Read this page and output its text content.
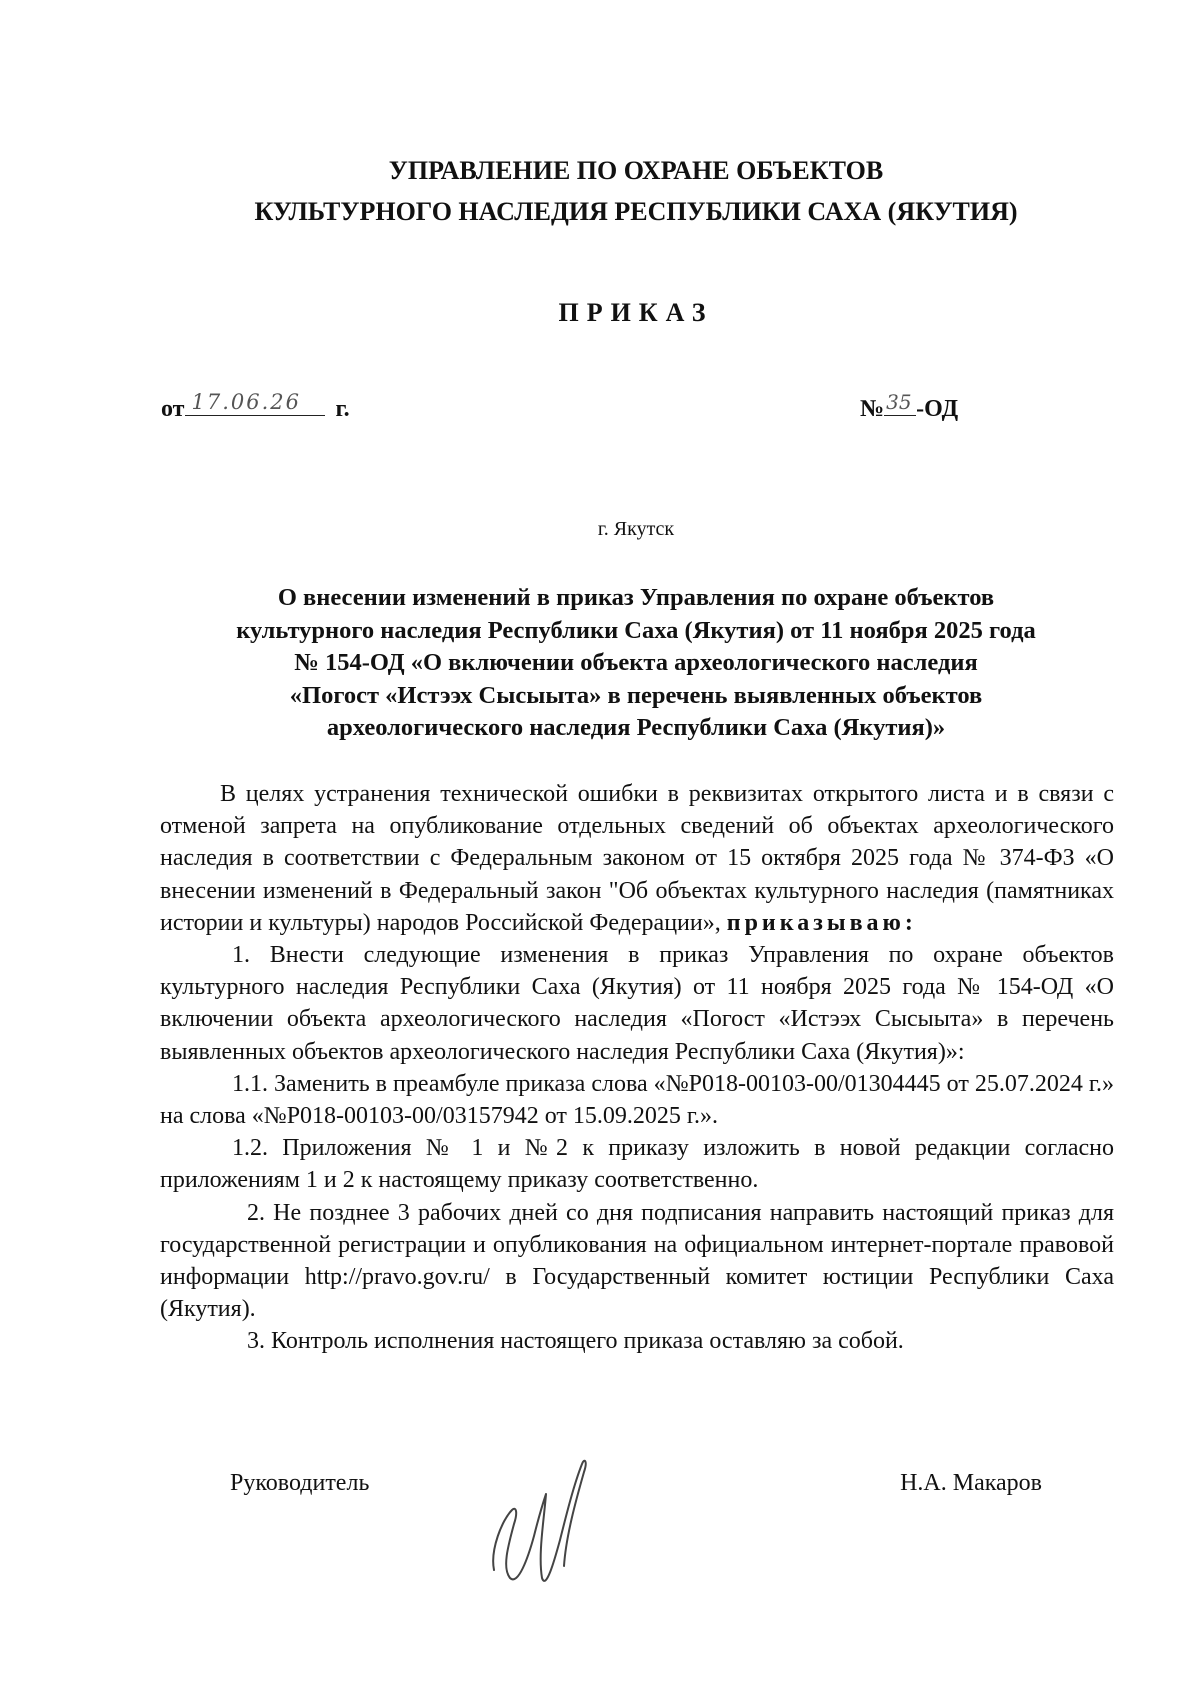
УПРАВЛЕНИЕ ПО ОХРАНЕ ОБЪЕКТОВ
КУЛЬТУРНОГО НАСЛЕДИЯ РЕСПУБЛИКИ САХА (ЯКУТИЯ)
ПРИКАЗ
от 17.06.26 г.	№ 35 -ОД
г. Якутск
О внесении изменений в приказ Управления по охране объектов
культурного наследия Республики Саха (Якутия) от 11 ноября 2025 года
№ 154-ОД «О включении объекта археологического наследия
«Погост «Истээх Сысыыта» в перечень выявленных объектов
археологического наследия Республики Саха (Якутия)»

В целях устранения технической ошибки в реквизитах открытого листа и в связи с отменой запрета на опубликование отдельных сведений об объектах археологического наследия в соответствии с Федеральным законом от 15 октября 2025 года № 374-ФЗ «О внесении изменений в Федеральный закон "Об объектах культурного наследия (памятниках истории и культуры) народов Российской Федерации», приказываю:

1. Внести следующие изменения в приказ Управления по охране объектов культурного наследия Республики Саха (Якутия) от 11 ноября 2025 года № 154-ОД «О включении объекта археологического наследия «Погост «Истээх Сысыыта» в перечень выявленных объектов археологического наследия Республики Саха (Якутия)»:

1.1. Заменить в преамбуле приказа слова «№Р018-00103-00/01304445 от 25.07.2024 г.» на слова «№Р018-00103-00/03157942 от 15.09.2025 г.».

1.2. Приложения № 1 и №2 к приказу изложить в новой редакции согласно приложениям 1 и 2 к настоящему приказу соответственно.

2. Не позднее 3 рабочих дней со дня подписания направить настоящий приказ для государственной регистрации и опубликования на официальном интернет-портале правовой информации http://pravo.gov.ru/ в Государственный комитет юстиции Республики Саха (Якутия).

3. Контроль исполнения настоящего приказа оставляю за собой.

Руководитель	Н.А. Макаров
